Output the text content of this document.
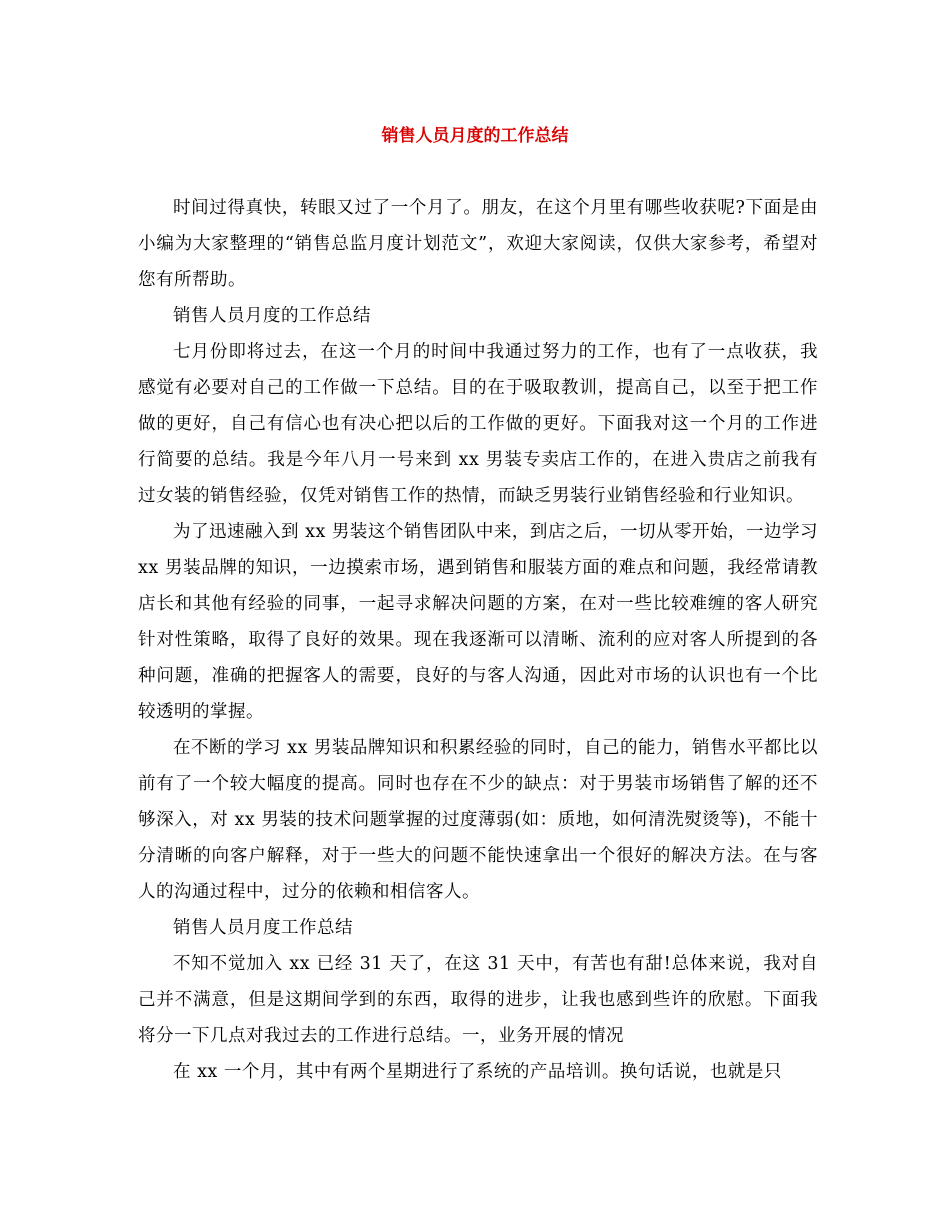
销售人员月度的工作总结

时间过得真快，转眼又过了一个月了。朋友，在这个月里有哪些收获呢?下面是由小编为大家整理的“销售总监月度计划范文”，欢迎大家阅读，仅供大家参考，希望对您有所帮助。

销售人员月度的工作总结

七月份即将过去，在这一个月的时间中我通过努力的工作，也有了一点收获，我感觉有必要对自己的工作做一下总结。目的在于吸取教训，提高自己，以至于把工作做的更好，自己有信心也有决心把以后的工作做的更好。下面我对这一个月的工作进行简要的总结。我是今年八月一号来到 xx 男装专卖店工作的，在进入贵店之前我有过女装的销售经验，仅凭对销售工作的热情，而缺乏男装行业销售经验和行业知识。

为了迅速融入到 xx 男装这个销售团队中来，到店之后，一切从零开始，一边学习 xx 男装品牌的知识，一边摸索市场，遇到销售和服装方面的难点和问题，我经常请教店长和其他有经验的同事，一起寻求解决问题的方案，在对一些比较难缠的客人研究针对性策略，取得了良好的效果。现在我逐渐可以清晰、流利的应对客人所提到的各种问题，准确的把握客人的需要，良好的与客人沟通，因此对市场的认识也有一个比较透明的掌握。

在不断的学习 xx 男装品牌知识和积累经验的同时，自己的能力，销售水平都比以前有了一个较大幅度的提高。同时也存在不少的缺点：对于男装市场销售了解的还不够深入，对 xx 男装的技术问题掌握的过度薄弱(如：质地，如何清洗熨烫等)，不能十分清晰的向客户解释，对于一些大的问题不能快速拿出一个很好的解决方法。在与客人的沟通过程中，过分的依赖和相信客人。

销售人员月度工作总结

不知不觉加入 xx 已经 31 天了，在这 31 天中，有苦也有甜!总体来说，我对自己并不满意，但是这期间学到的东西，取得的进步，让我也感到些许的欣慰。下面我将分一下几点对我过去的工作进行总结。一，业务开展的情况

在 xx 一个月，其中有两个星期进行了系统的产品培训。换句话说，也就是只
